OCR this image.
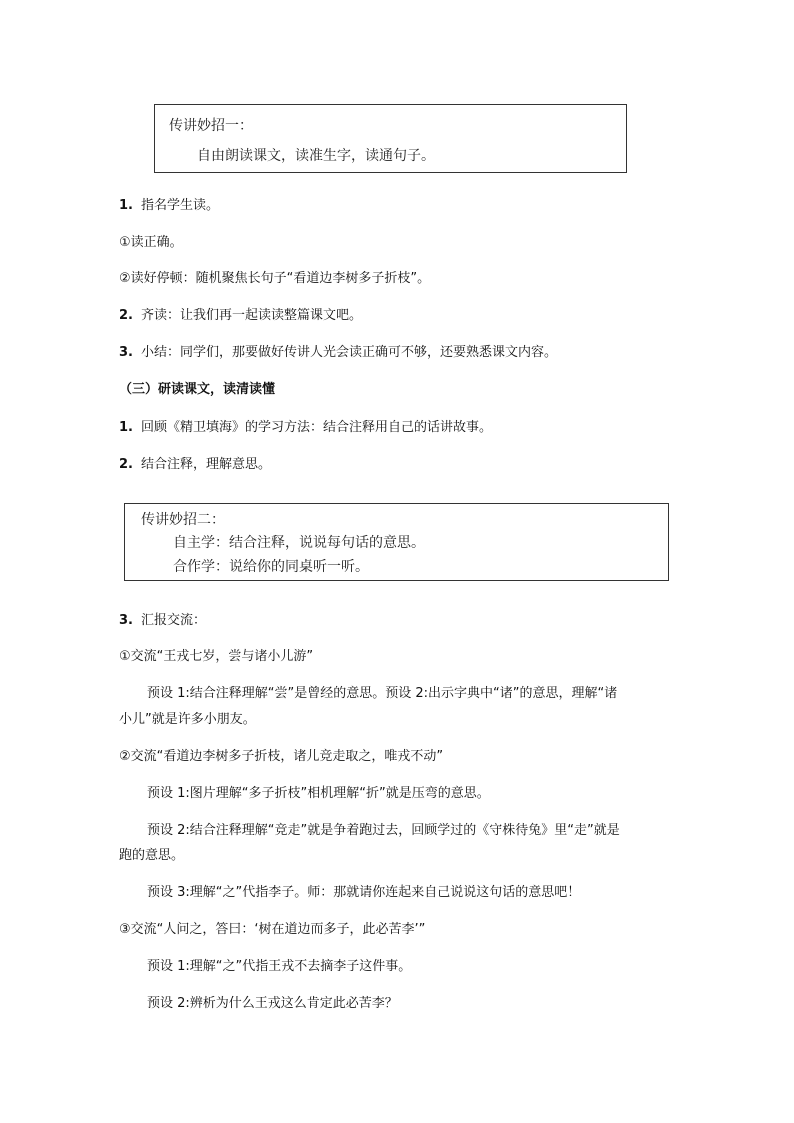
传讲妙招一：
自由朗读课文，读准生字，读通句子。
1. 指名学生读。
①读正确。
②读好停顿：随机聚焦长句子“看道边李树多子折枝”。
2. 齐读：让我们再一起读读整篇课文吧。
3. 小结：同学们，那要做好传讲人光会读正确可不够，还要熟悉课文内容。
（三）研读课文，读清读懂
1. 回顾《精卫填海》的学习方法：结合注释用自己的话讲故事。
2. 结合注释，理解意思。
传讲妙招二：
自主学：结合注释，说说每句话的意思。
合作学：说给你的同桌听一听。
3. 汇报交流：
①交流“王戎七岁，尝与诸小儿游”
预设 1:结合注释理解“尝”是曾经的意思。预设 2:出示字典中“诸”的意思，理解“诸
小儿”就是许多小朋友。
②交流“看道边李树多子折枝，诸儿竞走取之，唯戎不动”
预设 1:图片理解“多子折枝”相机理解“折”就是压弯的意思。
预设 2:结合注释理解“竞走”就是争着跑过去，回顾学过的《守株待兔》里“走”就是
跑的意思。
预设 3:理解“之”代指李子。师：那就请你连起来自己说说这句话的意思吧！
③交流“人问之，答曰：‘树在道边而多子，此必苦李’”
预设 1:理解“之”代指王戎不去摘李子这件事。
预设 2:辨析为什么王戎这么肯定此必苦李？
